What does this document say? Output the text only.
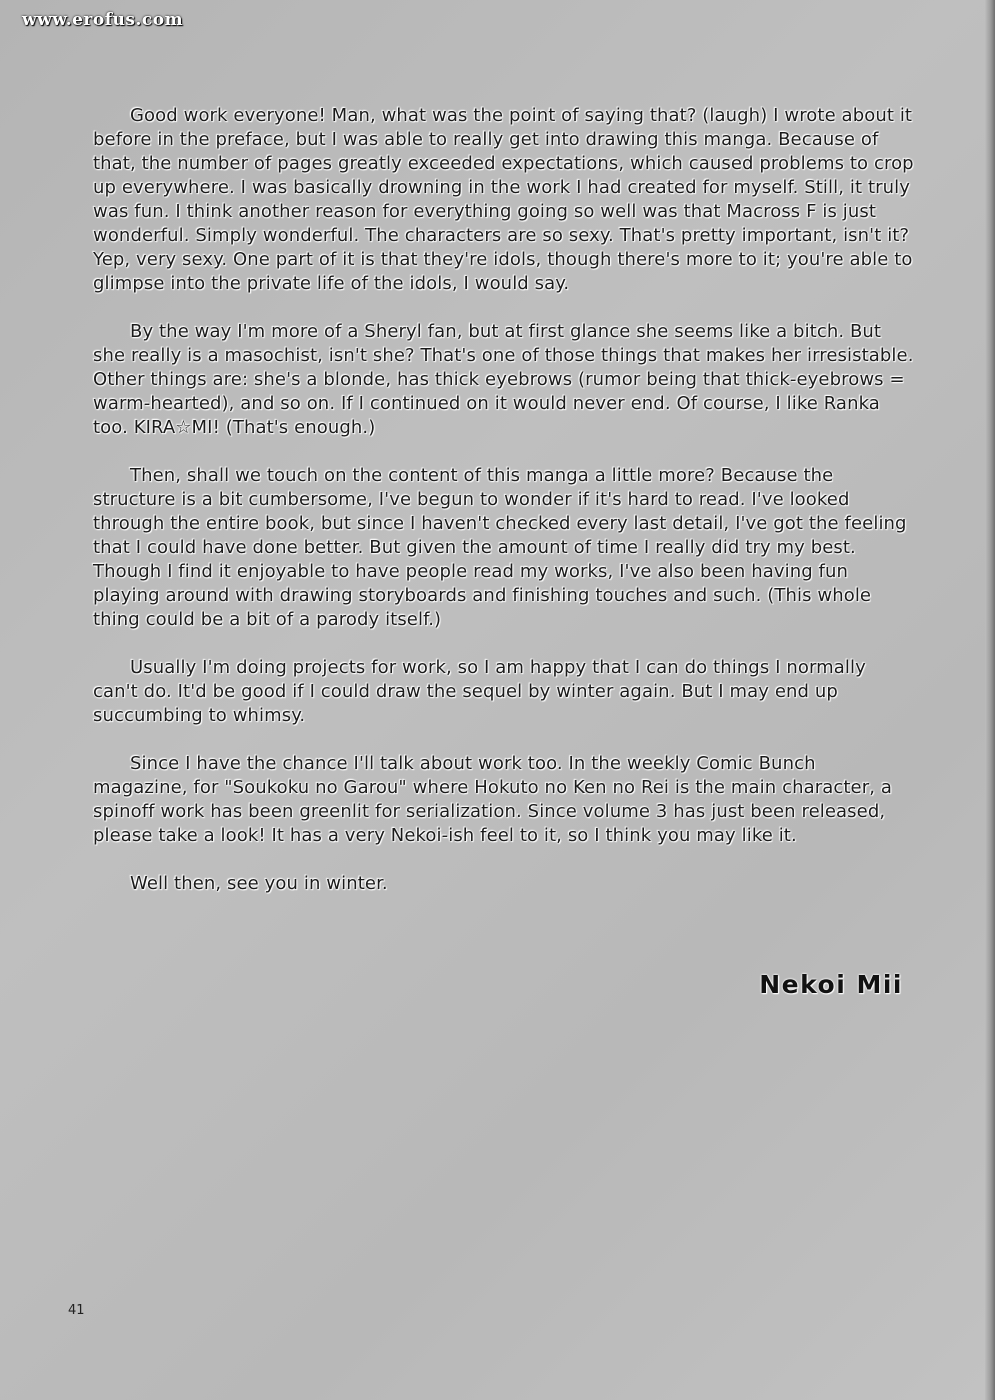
www.erofus.com

Good work everyone! Man, what was the point of saying that? (laugh) I wrote about it before in the preface, but I was able to really get into drawing this manga. Because of that, the number of pages greatly exceeded expectations, which caused problems to crop up everywhere. I was basically drowning in the work I had created for myself. Still, it truly was fun. I think another reason for everything going so well was that Macross F is just wonderful. Simply wonderful. The characters are so sexy. That's pretty important, isn't it? Yep, very sexy. One part of it is that they're idols, though there's more to it; you're able to glimpse into the private life of the idols, I would say.

By the way I'm more of a Sheryl fan, but at first glance she seems like a bitch. But she really is a masochist, isn't she? That's one of those things that makes her irresistable. Other things are: she's a blonde, has thick eyebrows (rumor being that thick-eyebrows = warm-hearted), and so on. If I continued on it would never end. Of course, I like Ranka too. KIRA☆MI! (That's enough.)

Then, shall we touch on the content of this manga a little more? Because the structure is a bit cumbersome, I've begun to wonder if it's hard to read. I've looked through the entire book, but since I haven't checked every last detail, I've got the feeling that I could have done better. But given the amount of time I really did try my best. Though I find it enjoyable to have people read my works, I've also been having fun playing around with drawing storyboards and finishing touches and such. (This whole thing could be a bit of a parody itself.)

Usually I'm doing projects for work, so I am happy that I can do things I normally can't do. It'd be good if I could draw the sequel by winter again. But I may end up succumbing to whimsy.

Since I have the chance I'll talk about work too. In the weekly Comic Bunch magazine, for "Soukoku no Garou" where Hokuto no Ken no Rei is the main character, a spinoff work has been greenlit for serialization. Since volume 3 has just been released, please take a look! It has a very Nekoi-ish feel to it, so I think you may like it.

Well then, see you in winter.

Nekoi Mii
41
